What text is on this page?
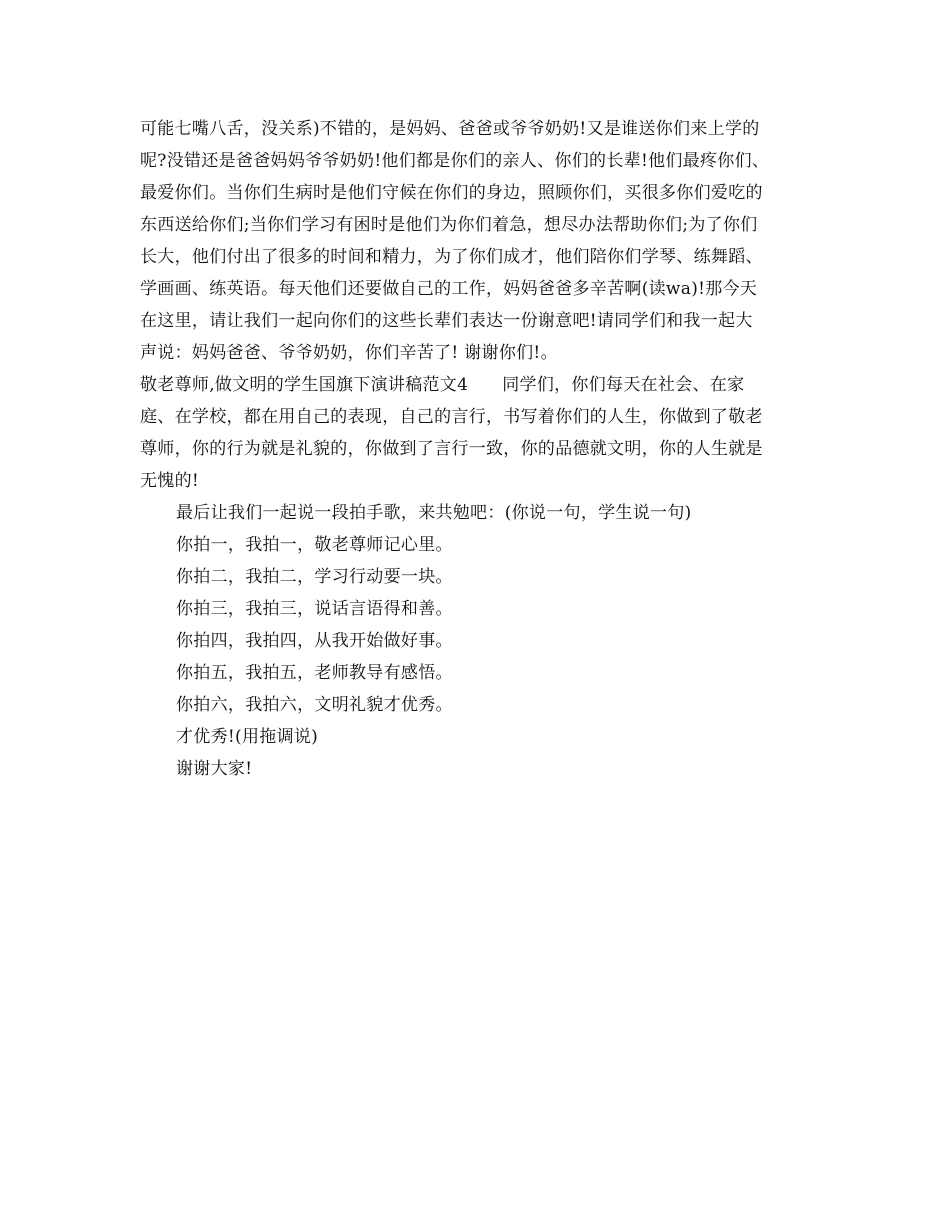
可能七嘴八舌，没关系)不错的，是妈妈、爸爸或爷爷奶奶!又是谁送你们来上学的
呢?没错还是爸爸妈妈爷爷奶奶!他们都是你们的亲人、你们的长辈!他们最疼你们、
最爱你们。当你们生病时是他们守候在你们的身边，照顾你们，买很多你们爱吃的
东西送给你们;当你们学习有困时是他们为你们着急，想尽办法帮助你们;为了你们
长大，他们付出了很多的时间和精力，为了你们成才，他们陪你们学琴、练舞蹈、
学画画、练英语。每天他们还要做自己的工作，妈妈爸爸多辛苦啊(读wa)!那今天
在这里，请让我们一起向你们的这些长辈们表达一份谢意吧!请同学们和我一起大
声说：妈妈爸爸、爷爷奶奶，你们辛苦了! 谢谢你们!。
敬老尊师,做文明的学生国旗下演讲稿范文4 同学们，你们每天在社会、在家
庭、在学校，都在用自己的表现，自己的言行，书写着你们的人生，你做到了敬老
尊师，你的行为就是礼貌的，你做到了言行一致，你的品德就文明，你的人生就是
无愧的!
最后让我们一起说一段拍手歌，来共勉吧：(你说一句，学生说一句)
你拍一，我拍一，敬老尊师记心里。
你拍二，我拍二，学习行动要一块。
你拍三，我拍三，说话言语得和善。
你拍四，我拍四，从我开始做好事。
你拍五，我拍五，老师教导有感悟。
你拍六，我拍六，文明礼貌才优秀。
才优秀!(用拖调说)
谢谢大家!
